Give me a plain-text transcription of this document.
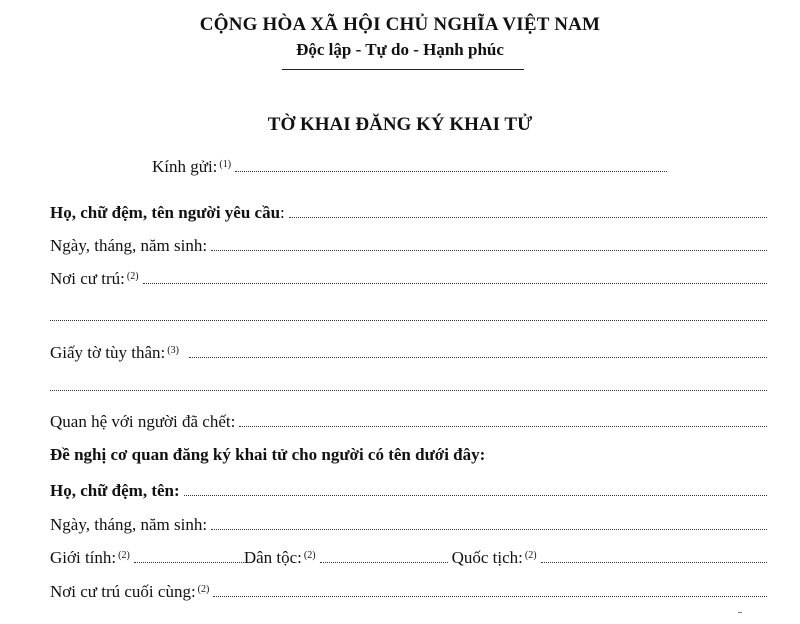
CỘNG HÒA XÃ HỘI CHỦ NGHĨA VIỆT NAM
Độc lập - Tự do - Hạnh phúc
TỜ KHAI ĐĂNG KÝ KHAI TỬ
Kính gửi: (1)
Họ, chữ đệm, tên người yêu cầu :
Ngày, tháng, năm sinh:
Nơi cư trú: (2)
Giấy tờ tùy thân: (3)
Quan hệ với người đã chết:
Đề nghị cơ quan đăng ký khai tử cho người có tên dưới đây:
Họ, chữ đệm, tên:
Ngày, tháng, năm sinh:
Giới tính: (2)	Dân tộc: (2)	Quốc tịch: (2)
Nơi cư trú cuối cùng: (2)
